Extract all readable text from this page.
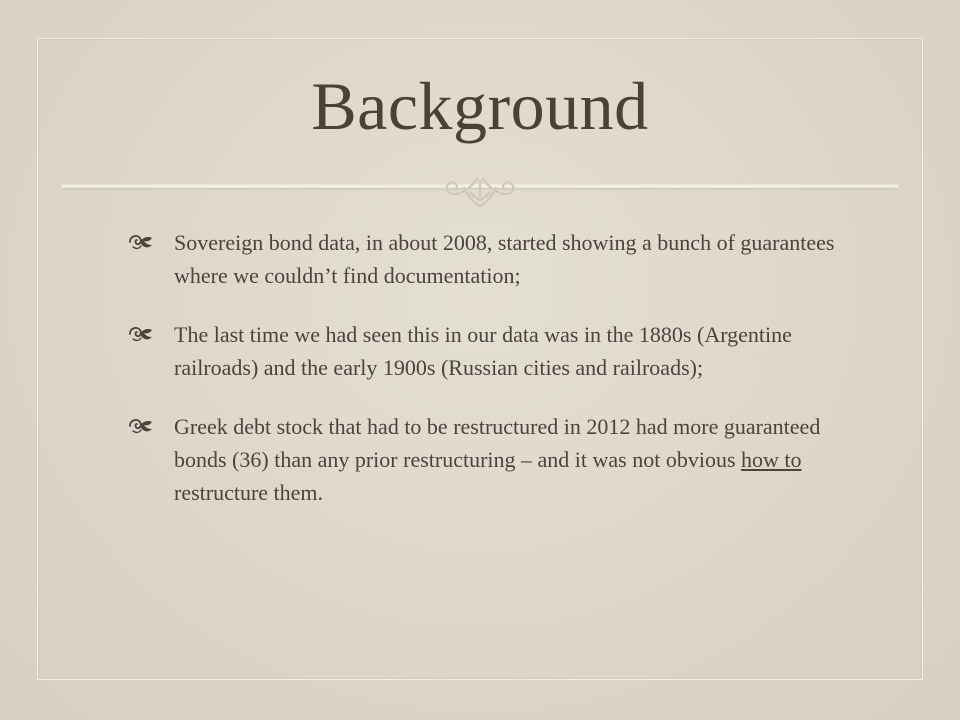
Background
Sovereign bond data, in about 2008, started showing a bunch of guarantees where we couldn’t find documentation;
The last time we had seen this in our data was in the 1880s (Argentine railroads) and the early 1900s (Russian cities and railroads);
Greek debt stock that had to be restructured in 2012 had more guaranteed bonds (36) than any prior restructuring – and it was not obvious how to restructure them.
